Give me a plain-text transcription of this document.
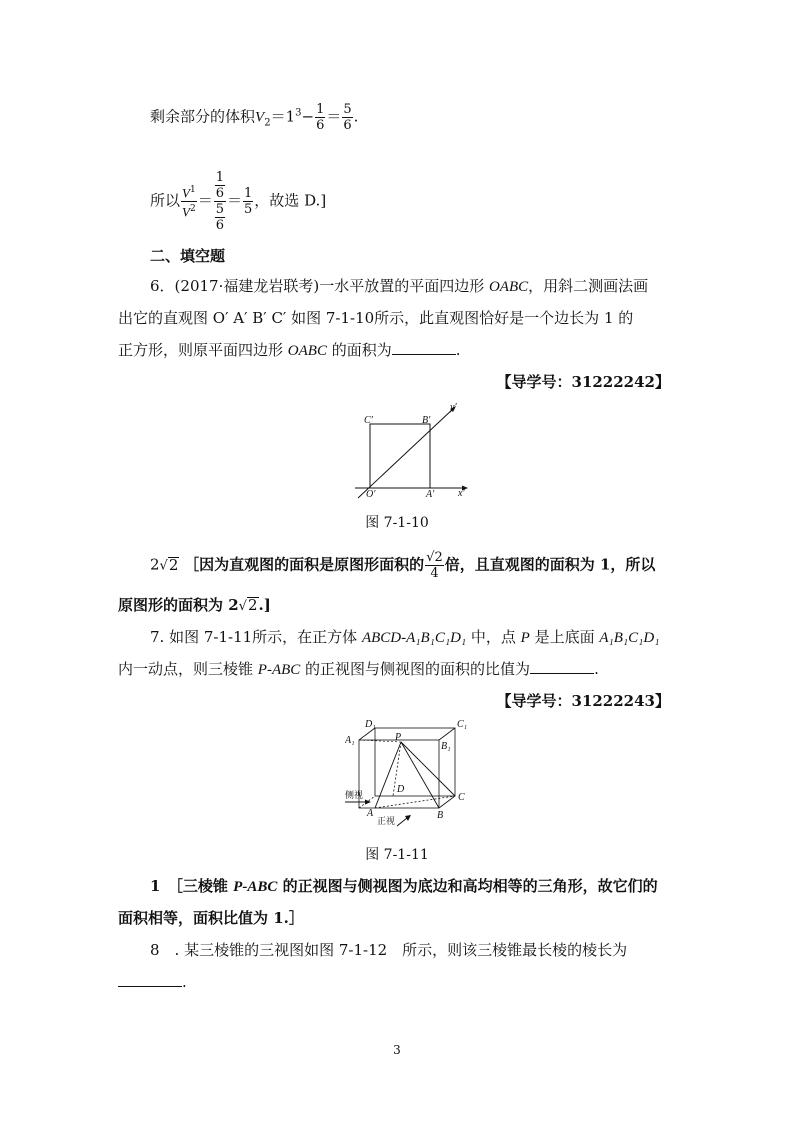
剩余部分的体积$V_2=1^3- \frac{1}{6} = \frac{5}{6}$ .
所以 $\frac{V^1}{V^2} = \frac{\frac{1}{6}}{\frac{5}{6}} = \frac{1}{5}$ ，故选 D.]
二、填空题
6．(2017·福建龙岩联考)一水平放置的平面四边形 OABC，用斜二测画法画
出它的直观图 O′ A′ B′ C′ 如图 7-1-10所示，此直观图恰好是一个边长为 1 的
正方形，则原平面四边形 OABC 的面积为	.
【导学号：31222242】
C′	B′
y′
O′	A′ x′
图 7-1-10
2√2 ［因为直观图的面积是原图形面积的 $\frac{√2}{4}$ 倍，且直观图的面积为 1，所以
原图形的面积为 2√2.]
7. 如图 7-1-11所示，在正方体 ABCD-A₁B₁C₁D₁ 中，点 P 是上底面 A₁B₁C₁D₁
内一动点，则三棱锥 P-ABC 的正视图与侧视图的面积的比值为	.
【导学号：31222243】
D₁	C₁
A₁
B₁
P
D
C
A	B
侧视
正视
图 7-1-11
1　［三棱锥 P-ABC 的正视图与侧视图为底边和高均相等的三角形，故它们的
面积相等，面积比值为 1.］
8　. 某三棱锥的三视图如图 7-1-12　所示，则该三棱锥最长棱的棱长为
.
3
